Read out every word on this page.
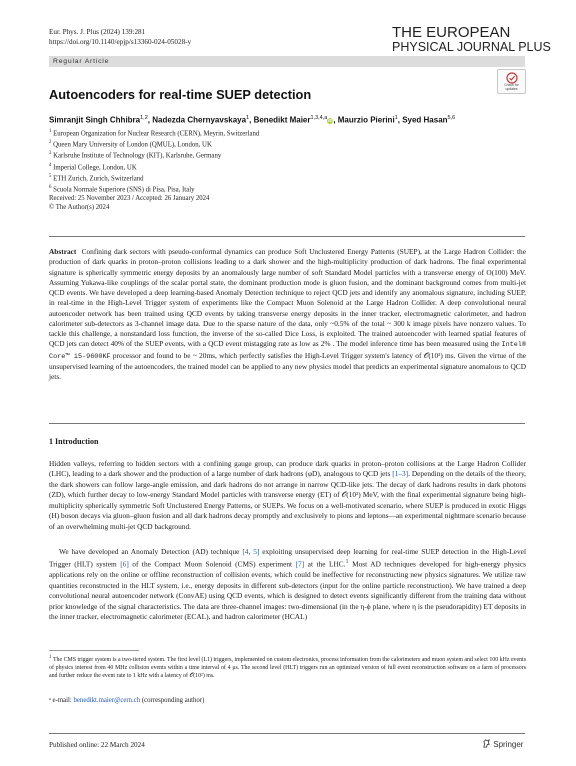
Eur. Phys. J. Plus (2024) 139:281
https://doi.org/10.1140/epjp/s13360-024-05028-y
THE EUROPEAN
PHYSICAL JOURNAL PLUS
Regular Article
Check for
updates
Autoencoders for real-time SUEP detection
Simranjit Singh Chhibra$^{1,2}$, Nadezda Chernyavskaya$^1$, Benedikt Maier$^{1,3,4,a}$iD, Maurzio Pierini$^1$, Syed Hasan$^{5,6}$
$^1$ European Organization for Nuclear Research (CERN), Meyrin, Switzerland
$^2$ Queen Mary University of London (QMUL), London, UK
$^3$ Karlsruhe Institute of Technology (KIT), Karlsruhe, Germany
$^4$ Imperial College, London, UK
$^5$ ETH Zurich, Zurich, Switzerland
$^6$ Scuola Normale Superiore (SNS) di Pisa, Pisa, Italy
Received: 25 November 2023 / Accepted: 26 January 2024
© The Author(s) 2024
Abstract Confining dark sectors with pseudo-conformal dynamics can produce Soft Unclustered Energy Patterns (SUEP), at the Large Hadron Collider: the production of dark quarks in proton–proton collisions leading to a dark shower and the high-multiplicity production of dark hadrons. The final experimental signature is spherically symmetric energy deposits by an anomalously large number of soft Standard Model particles with a transverse energy of O(100) MeV. Assuming Yukawa-like couplings of the scalar portal state, the dominant production mode is gluon fusion, and the dominant background comes from multi-jet QCD events. We have developed a deep learning-based Anomaly Detection technique to reject QCD jets and identify any anomalous signature, including SUEP, in real-time in the High-Level Trigger system of experiments like the Compact Muon Solenoid at the Large Hadron Collider. A deep convolutional neural autoencoder network has been trained using QCD events by taking transverse energy deposits in the inner tracker, electromagnetic calorimeter, and hadron calorimeter sub-detectors as 3-channel image data. Due to the sparse nature of the data, only ~0.5% of the total ~ 300 k image pixels have nonzero values. To tackle this challenge, a nonstandard loss function, the inverse of the so-called Dice Loss, is exploited. The trained autoencoder with learned spatial features of QCD jets can detect 40% of the SUEP events, with a QCD event mistagging rate as low as 2% . The model inference time has been measured using the Intel® Core™ i5-9600KF processor and found to be ~ 20ms, which perfectly satisfies the High-Level Trigger system's latency of 𝒪(10²) ms. Given the virtue of the unsupervised learning of the autoencoders, the trained model can be applied to any new physics model that predicts an experimental signature anomalous to QCD jets.
1 Introduction
Hidden valleys, referring to hidden sectors with a confining gauge group, can produce dark quarks in proton–proton collisions at the Large Hadron Collider (LHC), leading to a dark shower and the production of a large number of dark hadrons (φD), analogous to QCD jets [1–3]. Depending on the details of the theory, the dark showers can follow large-angle emission, and dark hadrons do not arrange in narrow QCD-like jets. The decay of dark hadrons results in dark photons (ZD), which further decay to low-energy Standard Model particles with transverse energy (ET) of 𝒪(10²) MeV, with the final experimental signature being high-multiplicity spherically symmetric Soft Unclustered Energy Patterns, or SUEPs. We focus on a well-motivated scenario, where SUEP is produced in exotic Higgs (H) boson decays via gluon–gluon fusion and all dark hadrons decay promptly and exclusively to pions and leptons—an experimental nightmare scenario because of an overwhelming multi-jet QCD background.
We have developed an Anomaly Detection (AD) technique [4, 5] exploiting unsupervised deep learning for real-time SUEP detection in the High-Level Trigger (HLT) system [6] of the Compact Muon Solenoid (CMS) experiment [7] at the LHC.$^1$ Most AD techniques developed for high-energy physics applications rely on the online or offline reconstruction of collision events, which could be ineffective for reconstructing new physics signatures. We utilize raw quantities reconstructed in the HLT system, i.e., energy deposits in different sub-detectors (input for the online particle reconstruction). We have trained a deep convolutional neural autoencoder network (ConvAE) using QCD events, which is designed to detect events significantly different from the training data without prior knowledge of the signal characteristics. The data are three-channel images: two-dimensional (in the η-ϕ plane, where η is the pseudorapidity) ET deposits in the inner tracker, electromagnetic calorimeter (ECAL), and hadron calorimeter (HCAL)
$^1$ The CMS trigger system is a two-tiered system. The first level (L1) triggers, implemented on custom electronics, process information from the calorimeters and muon system and select 100 kHz events of physics interest from 40 MHz collision events within a time interval of 4 μs. The second level (HLT) triggers run an optimized version of full event reconstruction software on a farm of processors and further reduce the event rate to 1 kHz with a latency of 𝒪(10²) ms.
ᵃ e-mail: benedikt.maier@cern.ch (corresponding author)
Published online: 22 March 2024	Springer
